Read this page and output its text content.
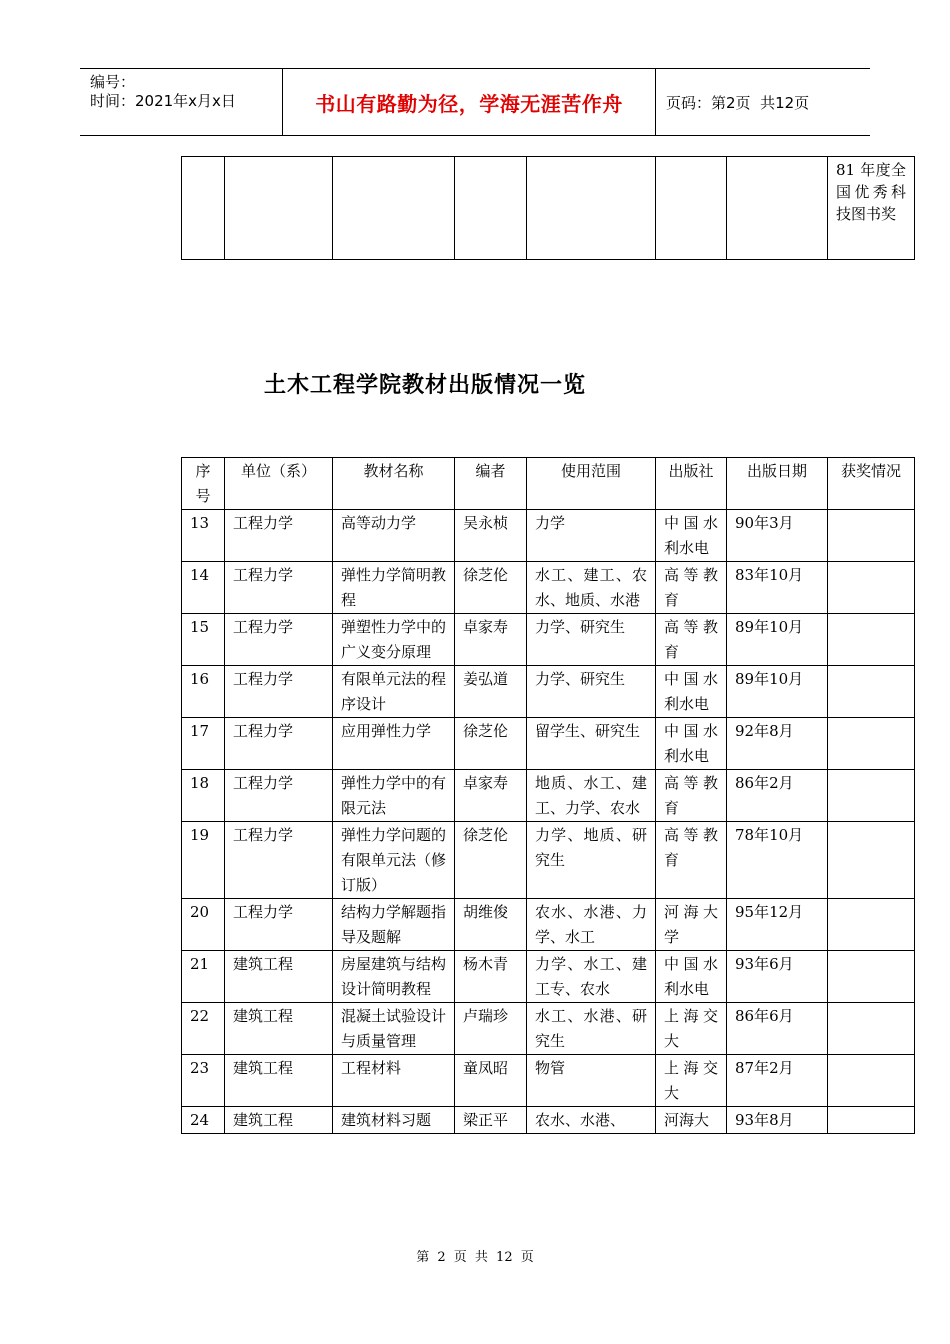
编号：
时间：2021年x月x日	书山有路勤为径，学海无涯苦作舟	页码：第2页  共12页
							81 年度全国优秀科技图书奖
土木工程学院教材出版情况一览
序号	单位（系）	教材名称	编者	使用范围	出版社	出版日期	获奖情况
13	工程力学	高等动力学	吴永桢	力学	中国水利水电	90年3月	
14	工程力学	弹性力学简明教程	徐芝伦	水工、建工、农水、地质、水港	高等教育	83年10月	
15	工程力学	弹塑性力学中的广义变分原理	卓家寿	力学、研究生	高等教育	89年10月	
16	工程力学	有限单元法的程序设计	姜弘道	力学、研究生	中国水利水电	89年10月	
17	工程力学	应用弹性力学	徐芝伦	留学生、研究生	中国水利水电	92年8月	
18	工程力学	弹性力学中的有限元法	卓家寿	地质、水工、建工、力学、农水	高等教育	86年2月	
19	工程力学	弹性力学问题的有限单元法（修订版）	徐芝伦	力学、地质、研究生	高等教育	78年10月	
20	工程力学	结构力学解题指导及题解	胡维俊	农水、水港、力学、水工	河海大学	95年12月	
21	建筑工程	房屋建筑与结构设计简明教程	杨木青	力学、水工、建工专、农水	中国水利水电	93年6月	
22	建筑工程	混凝土试验设计与质量管理	卢瑞珍	水工、水港、研究生	上海交大	86年6月	
23	建筑工程	工程材料	童凤昭	物管	上海交大	87年2月	
24	建筑工程	建筑材料习题	梁正平	农水、水港、	河海大	93年8月	
第 2 页 共 12 页
